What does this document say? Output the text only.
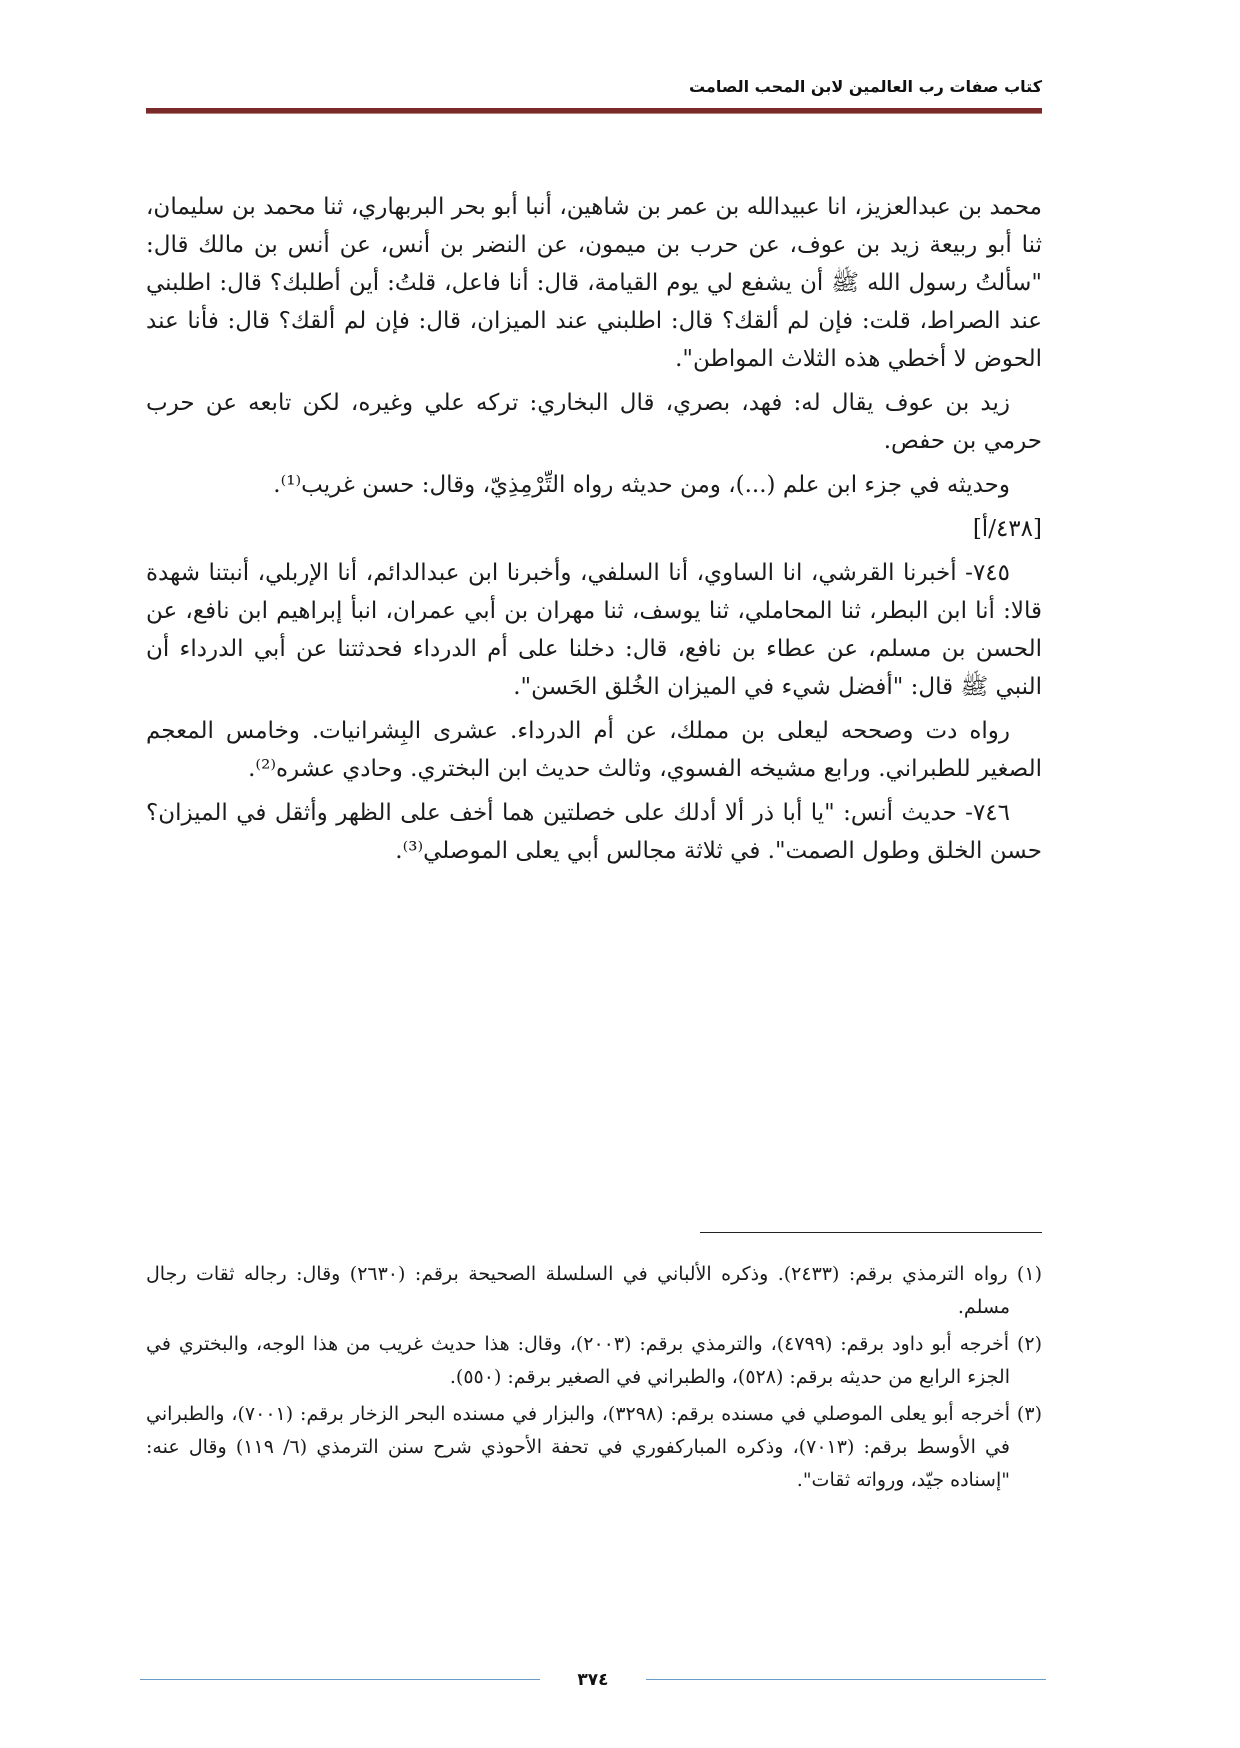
كتاب صفات رب العالمين لابن المحب الصامت

محمد بن عبدالعزيز، انا عبيدالله بن عمر بن شاهين، أنبا أبو بحر البربهاري، ثنا محمد بن سليمان، ثنا أبو ربيعة زيد بن عوف، عن حرب بن ميمون، عن النضر بن أنس، عن أنس بن مالك قال: "سألتُ رسول الله ﷺ أن يشفع لي يوم القيامة، قال: أنا فاعل، قلتُ: أين أطلبك؟ قال: اطلبني عند الصراط، قلت: فإن لم ألقك؟ قال: اطلبني عند الميزان، قال: فإن لم ألقك؟ قال: فأنا عند الحوض لا أخطي هذه الثلاث المواطن".

زيد بن عوف يقال له: فهد، بصري، قال البخاري: تركه علي وغيره، لكن تابعه عن حرب حرمي بن حفص.

وحديثه في جزء ابن علم (...)، ومن حديثه رواه التِّرْمِذِيّ، وقال: حسن غريب⁽¹⁾.

[٤٣٨/أ]

٧٤٥- أخبرنا القرشي، انا الساوي، أنا السلفي، وأخبرنا ابن عبدالدائم، أنا الإربلي، أنبتنا شهدة قالا: أنا ابن البطر، ثنا المحاملي، ثنا يوسف، ثنا مهران بن أبي عمران، انبأ إبراهيم ابن نافع، عن الحسن بن مسلم، عن عطاء بن نافع، قال: دخلنا على أم الدرداء فحدثتنا عن أبي الدرداء أن النبي ﷺ قال: "أفضل شيء في الميزان الخُلق الحَسن".

رواه دت وصححه ليعلى بن مملك، عن أم الدرداء. عشرى البِشرانيات. وخامس المعجم الصغير للطبراني. ورابع مشيخه الفسوي، وثالث حديث ابن البختري. وحادي عشره⁽²⁾.

٧٤٦- حديث أنس: "يا أبا ذر ألا أدلك على خصلتين هما أخف على الظهر وأثقل في الميزان؟ حسن الخلق وطول الصمت". في ثلاثة مجالس أبي يعلى الموصلي⁽³⁾.

(١) رواه الترمذي برقم: (٢٤٣٣). وذكره الألباني في السلسلة الصحيحة برقم: (٢٦٣٠) وقال: رجاله ثقات رجال مسلم.

(٢) أخرجه أبو داود برقم: (٤٧٩٩)، والترمذي برقم: (٢٠٠٣)، وقال: هذا حديث غريب من هذا الوجه، والبختري في الجزء الرابع من حديثه برقم: (٥٢٨)، والطبراني في الصغير برقم: (٥٥٠).

(٣) أخرجه أبو يعلى الموصلي في مسنده برقم: (٣٢٩٨)، والبزار في مسنده البحر الزخار برقم: (٧٠٠١)، والطبراني في الأوسط برقم: (٧٠١٣)، وذكره المباركفوري في تحفة الأحوذي شرح سنن الترمذي (٦/ ١١٩) وقال عنه: "إسناده جيّد، ورواته ثقات".

٣٧٤
